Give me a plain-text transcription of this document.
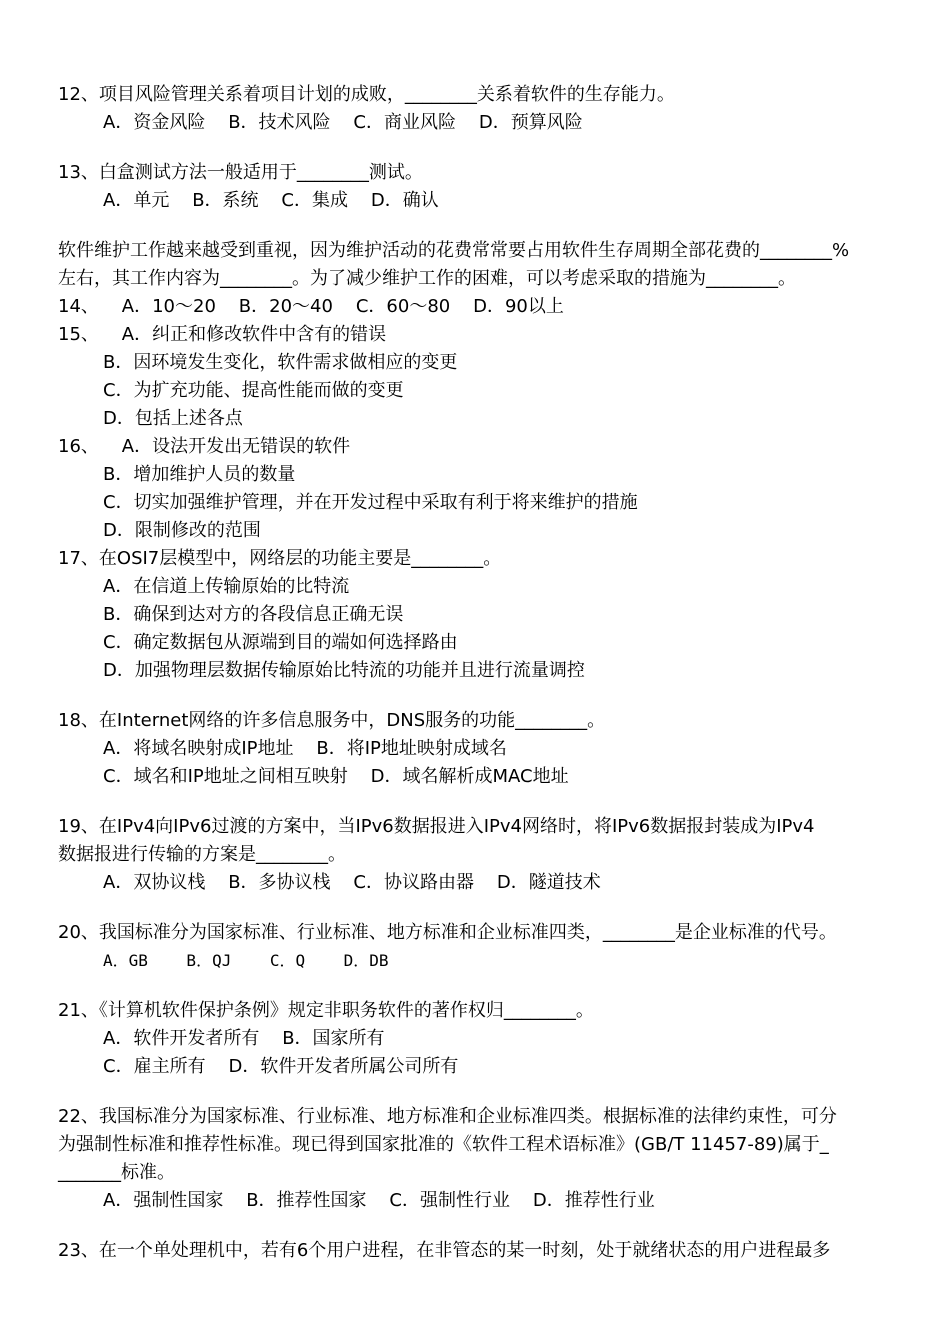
12、项目风险管理关系着项目计划的成败，________关系着软件的生存能力。
A．资金风险    B．技术风险    C．商业风险    D．预算风险
13、白盒测试方法一般适用于________测试。
A．单元    B．系统    C．集成    D．确认
软件维护工作越来越受到重视，因为维护活动的花费常常要占用软件生存周期全部花费的________%
左右，其工作内容为________。为了减少维护工作的困难，可以考虑采取的措施为________。
14、    A．10～20    B．20～40    C．60～80    D．90以上
15、    A．纠正和修改软件中含有的错误
B．因环境发生变化，软件需求做相应的变更
C．为扩充功能、提高性能而做的变更
D．包括上述各点
16、    A．设法开发出无错误的软件
B．增加维护人员的数量
C．切实加强维护管理，并在开发过程中采取有利于将来维护的措施
D．限制修改的范围
17、在OSI7层模型中，网络层的功能主要是________。
A．在信道上传输原始的比特流
B．确保到达对方的各段信息正确无误
C．确定数据包从源端到目的端如何选择路由
D．加强物理层数据传输原始比特流的功能并且进行流量调控
18、在Internet网络的许多信息服务中，DNS服务的功能________。
A．将域名映射成IP地址    B．将IP地址映射成域名
C．域名和IP地址之间相互映射    D．域名解析成MAC地址
19、在IPv4向IPv6过渡的方案中，当IPv6数据报进入IPv4网络时，将IPv6数据报封装成为IPv4
数据报进行传输的方案是________。
A．双协议栈    B．多协议栈    C．协议路由器    D．隧道技术
20、我国标准分为国家标准、行业标准、地方标准和企业标准四类，________是企业标准的代号。
A．GB    B．QJ    C．Q    D．DB
21、《计算机软件保护条例》规定非职务软件的著作权归________。
A．软件开发者所有    B．国家所有
C．雇主所有    D．软件开发者所属公司所有
22、我国标准分为国家标准、行业标准、地方标准和企业标准四类。根据标准的法律约束性，可分
为强制性标准和推荐性标准。现已得到国家批准的《软件工程术语标准》(GB/T 11457-89)属于_
_______标准。
A．强制性国家    B．推荐性国家    C．强制性行业    D．推荐性行业
23、在一个单处理机中，若有6个用户进程，在非管态的某一时刻，处于就绪状态的用户进程最多
